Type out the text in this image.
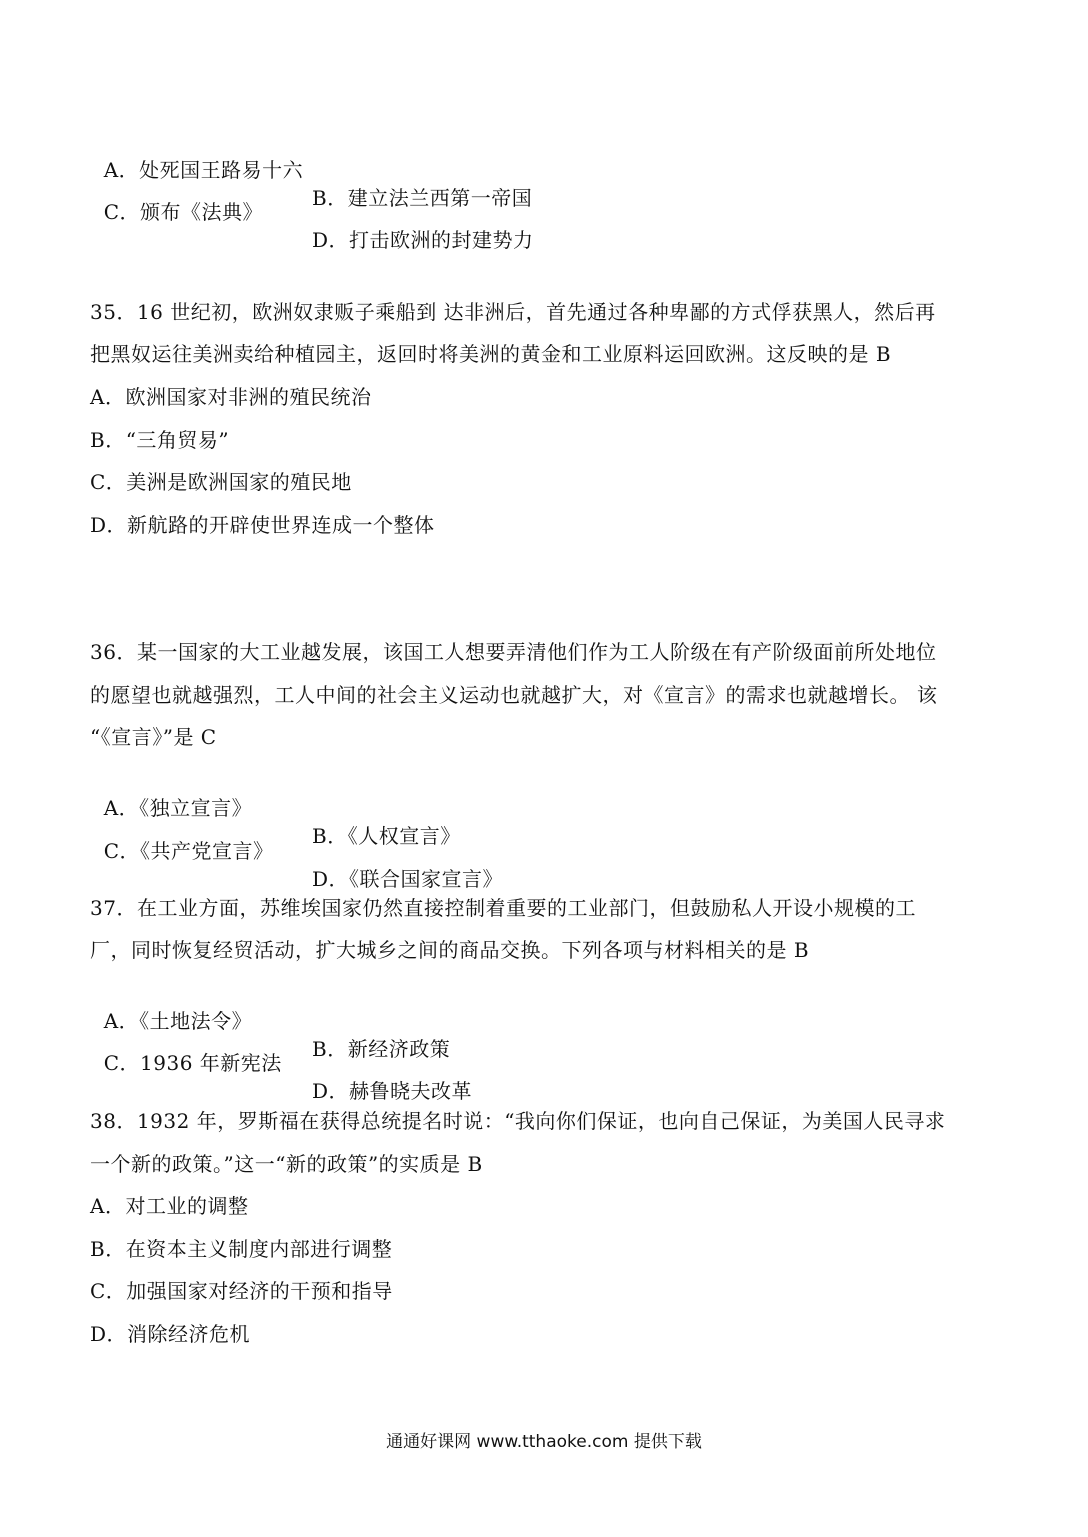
A．处死国王路易十六

B．建立法兰西第一帝国

C．颁布《法典》

D．打击欧洲的封建势力

35．16 世纪初，欧洲奴隶贩子乘船到 达非洲后，首先通过各种卑鄙的方式俘获黑人，然后再
把黑奴运往美洲卖给种植园主，返回时将美洲的黄金和工业原料运回欧洲。这反映的是 B
A．欧洲国家对非洲的殖民统治
B．“三角贸易”
C．美洲是欧洲国家的殖民地
D．新航路的开辟使世界连成一个整体
36．某一国家的大工业越发展，该国工人想要弄清他们作为工人阶级在有产阶级面前所处地位
的愿望也就越强烈，工人中间的社会主义运动也就越扩大，对《宣言》的需求也就越增长。 该
“《宣言》”是 C

A．《独立宣言》

B．《人权宣言》

C．《共产党宣言》

D．《联合国家宣言》

37．在工业方面，苏维埃国家仍然直接控制着重要的工业部门，但鼓励私人开设小规模的工
厂，同时恢复经贸活动，扩大城乡之间的商品交换。下列各项与材料相关的是 B

A．《土地法令》

B．新经济政策

C．1936 年新宪法

D．赫鲁晓夫改革

38．1932 年，罗斯福在获得总统提名时说：“我向你们保证，也向自己保证，为美国人民寻求
一个新的政策。”这一“新的政策”的实质是 B
A．对工业的调整
B．在资本主义制度内部进行调整
C．加强国家对经济的干预和指导
D．消除经济危机
通通好课网 www.tthaoke.com 提供下载
